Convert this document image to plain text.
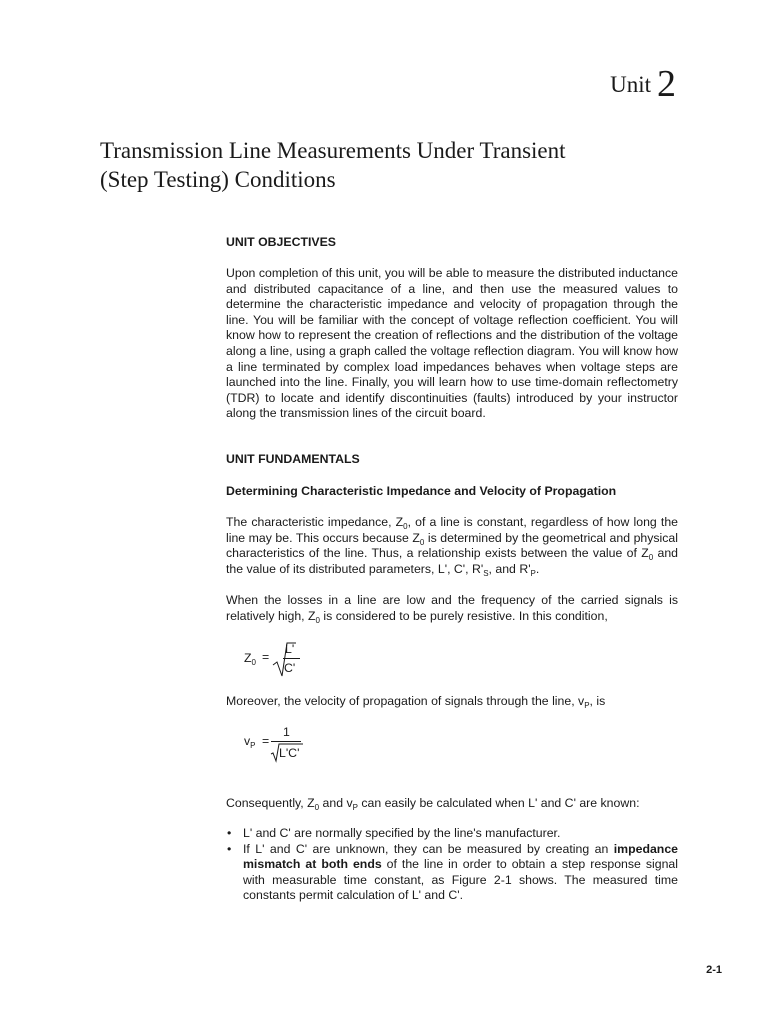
Unit 2
Transmission Line Measurements Under Transient
(Step Testing) Conditions
UNIT OBJECTIVES
Upon completion of this unit, you will be able to measure the distributed inductance and distributed capacitance of a line, and then use the measured values to determine the characteristic impedance and velocity of propagation through the line. You will be familiar with the concept of voltage reflection coefficient. You will know how to represent the creation of reflections and the distribution of the voltage along a line, using a graph called the voltage reflection diagram. You will know how a line terminated by complex load impedances behaves when voltage steps are launched into the line. Finally, you will learn how to use time-domain reflectometry (TDR) to locate and identify discontinuities (faults) introduced by your instructor along the transmission lines of the circuit board.
UNIT FUNDAMENTALS
Determining Characteristic Impedance and Velocity of Propagation
The characteristic impedance, $Z_0$, of a line is constant, regardless of how long the line may be. This occurs because $Z_0$ is determined by the geometrical and physical characteristics of the line. Thus, a relationship exists between the value of $Z_0$ and the value of its distributed parameters, L', C', $R'_S$, and $R'_P$.
When the losses in a line are low and the frequency of the carried signals is relatively high, $Z_0$ is considered to be purely resistive. In this condition,
$Z_0$ =
L'
C'
Moreover, the velocity of propagation of signals through the line, $v_P$, is
$v_P$ =
1
L'C'
Consequently, $Z_0$ and $v_P$ can easily be calculated when L' and C' are known:
• L' and C' are normally specified by the line's manufacturer.
• If L' and C' are unknown, they can be measured by creating an impedance mismatch at both ends of the line in order to obtain a step response signal with measurable time constant, as Figure 2-1 shows. The measured time constants permit calculation of L' and C'.
2-1
